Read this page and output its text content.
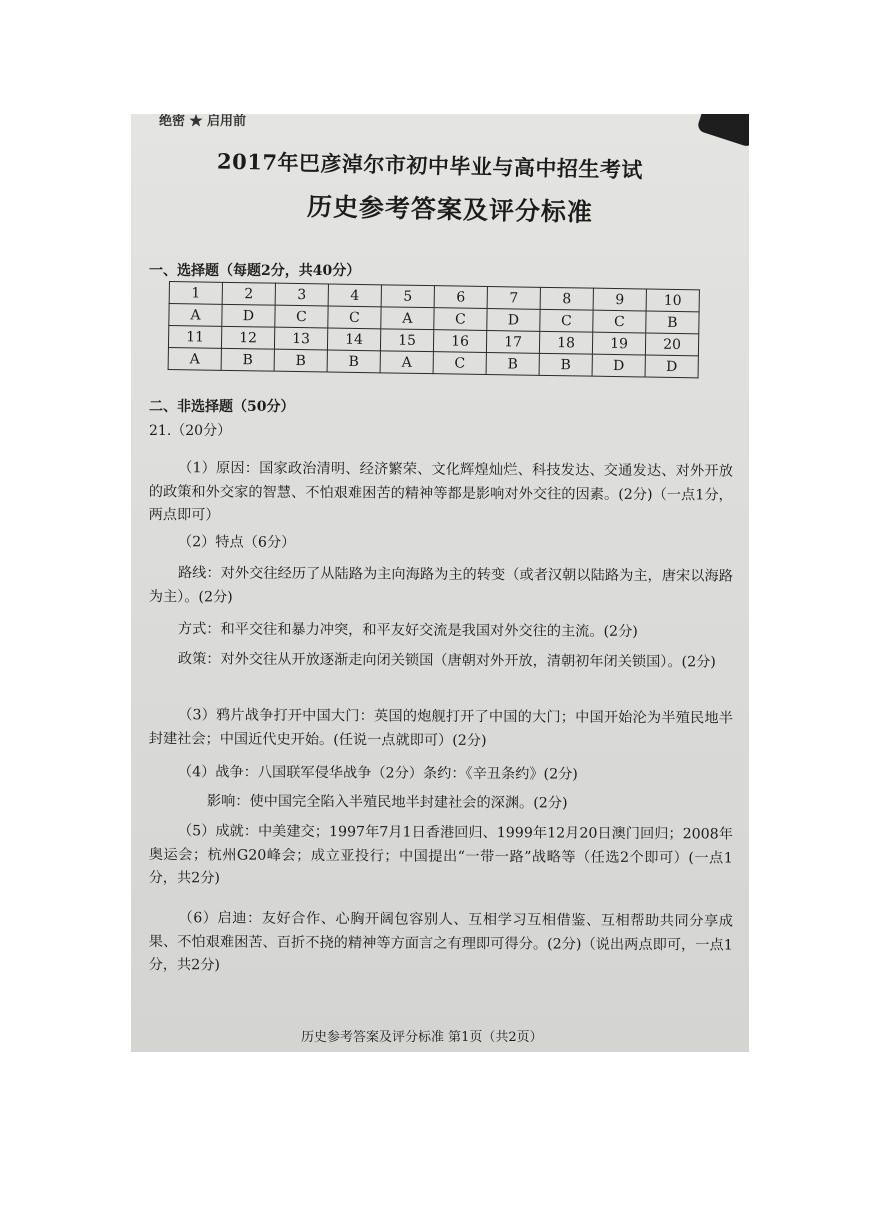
绝密 ★ 启用前
2017年巴彦淖尔市初中毕业与高中招生考试
历史参考答案及评分标准
一、选择题（每题2分，共40分）
1	2	3	4	5	6	7	8	9	10
A	D	C	C	A	C	D	C	C	B
11	12	13	14	15	16	17	18	19	20
A	B	B	B	A	C	B	B	D	D
二、非选择题（50分）
21.（20分）
（1）原因：国家政治清明、经济繁荣、文化辉煌灿烂、科技发达、交通发达、对外开放的政策和外交家的智慧、不怕艰难困苦的精神等都是影响对外交往的因素。(2分)（一点1分，两点即可）
（2）特点（6分）
路线：对外交往经历了从陆路为主向海路为主的转变（或者汉朝以陆路为主，唐宋以海路为主）。(2分)
方式：和平交往和暴力冲突，和平友好交流是我国对外交往的主流。(2分)
政策：对外交往从开放逐渐走向闭关锁国（唐朝对外开放，清朝初年闭关锁国）。(2分)
（3）鸦片战争打开中国大门：英国的炮舰打开了中国的大门；中国开始沦为半殖民地半封建社会；中国近代史开始。(任说一点就即可）(2分)
（4）战争：八国联军侵华战争（2分）条约：《辛丑条约》(2分)
影响：使中国完全陷入半殖民地半封建社会的深渊。(2分)
（5）成就：中美建交；1997年7月1日香港回归、1999年12月20日澳门回归；2008年奥运会；杭州G20峰会；成立亚投行；中国提出“一带一路”战略等（任选2个即可）(一点1分，共2分)
（6）启迪：友好合作、心胸开阔包容别人、互相学习互相借鉴、互相帮助共同分享成果、不怕艰难困苦、百折不挠的精神等方面言之有理即可得分。(2分)（说出两点即可，一点1分，共2分)
历史参考答案及评分标准 第1页（共2页）
